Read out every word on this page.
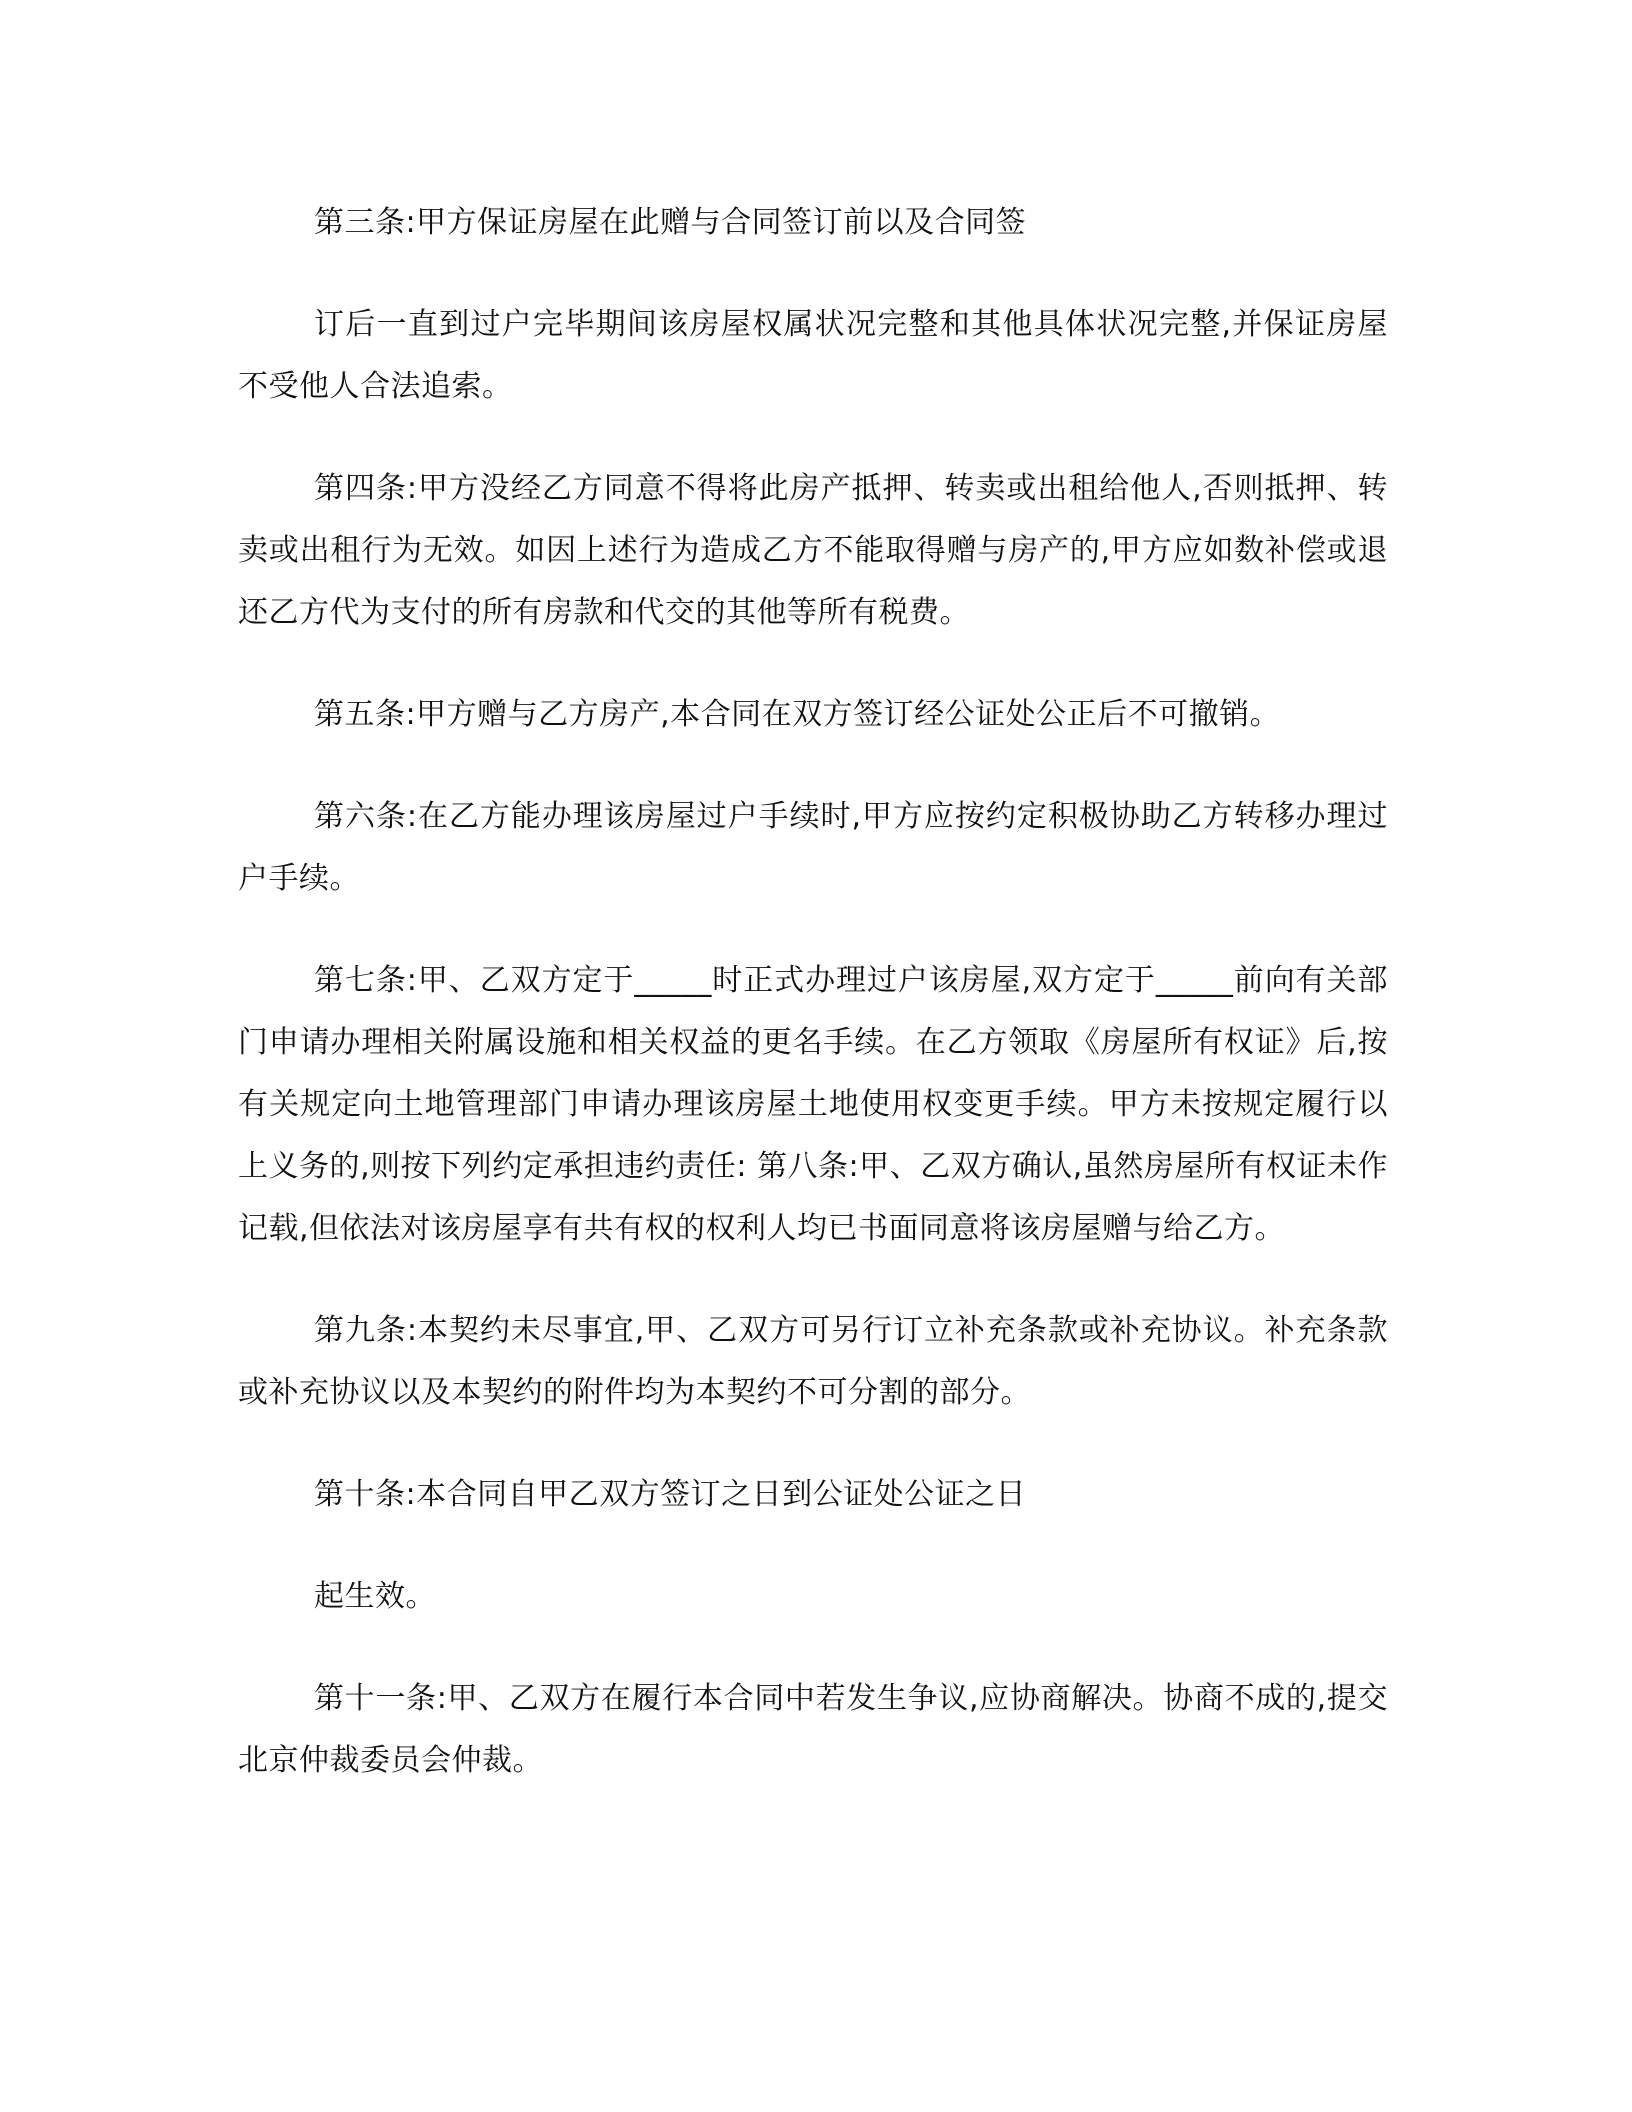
第三条:甲方保证房屋在此赠与合同签订前以及合同签

订后一直到过户完毕期间该房屋权属状况完整和其他具体状况完整,并保证房屋不受他人合法追索。

第四条:甲方没经乙方同意不得将此房产抵押、转卖或出租给他人,否则抵押、转卖或出租行为无效。如因上述行为造成乙方不能取得赠与房产的,甲方应如数补偿或退还乙方代为支付的所有房款和代交的其他等所有税费。

第五条:甲方赠与乙方房产,本合同在双方签订经公证处公正后不可撤销。

第六条:在乙方能办理该房屋过户手续时,甲方应按约定积极协助乙方转移办理过户手续。

第七条:甲、乙双方定于_____时正式办理过户该房屋,双方定于_____前向有关部门申请办理相关附属设施和相关权益的更名手续。在乙方领取《房屋所有权证》后,按有关规定向土地管理部门申请办理该房屋土地使用权变更手续。甲方未按规定履行以上义务的,则按下列约定承担违约责任: 第八条:甲、乙双方确认,虽然房屋所有权证未作记载,但依法对该房屋享有共有权的权利人均已书面同意将该房屋赠与给乙方。

第九条:本契约未尽事宜,甲、乙双方可另行订立补充条款或补充协议。补充条款或补充协议以及本契约的附件均为本契约不可分割的部分。

第十条:本合同自甲乙双方签订之日到公证处公证之日

起生效。

第十一条:甲、乙双方在履行本合同中若发生争议,应协商解决。协商不成的,提交北京仲裁委员会仲裁。
